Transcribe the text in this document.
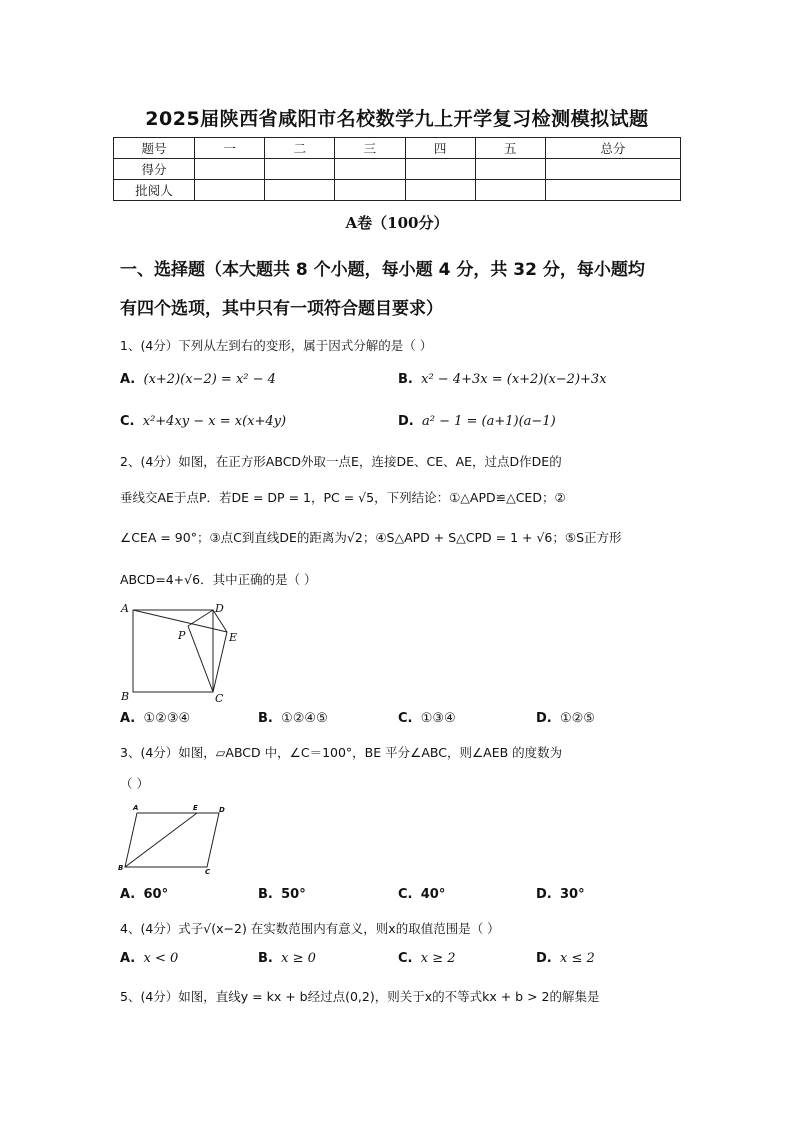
2025届陕西省咸阳市名校数学九上开学复习检测模拟试题
题号	一	二	三	四	五	总分
得分						
批阅人						
A卷（100分）
一、选择题（本大题共 8 个小题，每小题 4 分，共 32 分，每小题均
有四个选项，其中只有一项符合题目要求）
1、(4分）下列从左到右的变形，属于因式分解的是（ ）
A. (x+2)(x−2) = x² − 4	B. x² − 4+3x = (x+2)(x−2)+3x
C. x²+4xy − x = x(x+4y)	D. a² − 1 = (a+1)(a−1)
2、(4分）如图，在正方形ABCD外取一点E，连接DE、CE、AE，过点D作DE的
垂线交AE于点P．若DE = DP = 1，PC = √5，下列结论：①△APD≌△CED；②
∠CEA = 90°；③点C到直线DE的距离为√2；④S△APD + S△CPD = 1 + √6；⑤S正方形
ABCD=4+√6．其中正确的是（ ）
A	D
P	E
B	C
A. ①②③④	B. ①②④⑤	C. ①③④	D. ①②⑤
3、(4分）如图，▱ABCD 中，∠C＝100°，BE 平分∠ABC，则∠AEB 的度数为
（ ）
A	E	D
B	C
A. 60°	B. 50°	C. 40°	D. 30°
4、(4分）式子√(x−2) 在实数范围内有意义，则x的取值范围是（ ）
A. x < 0	B. x ≥ 0	C. x ≥ 2	D. x ≤ 2
5、(4分）如图，直线y = kx + b经过点(0,2)，则关于x的不等式kx + b > 2的解集是
